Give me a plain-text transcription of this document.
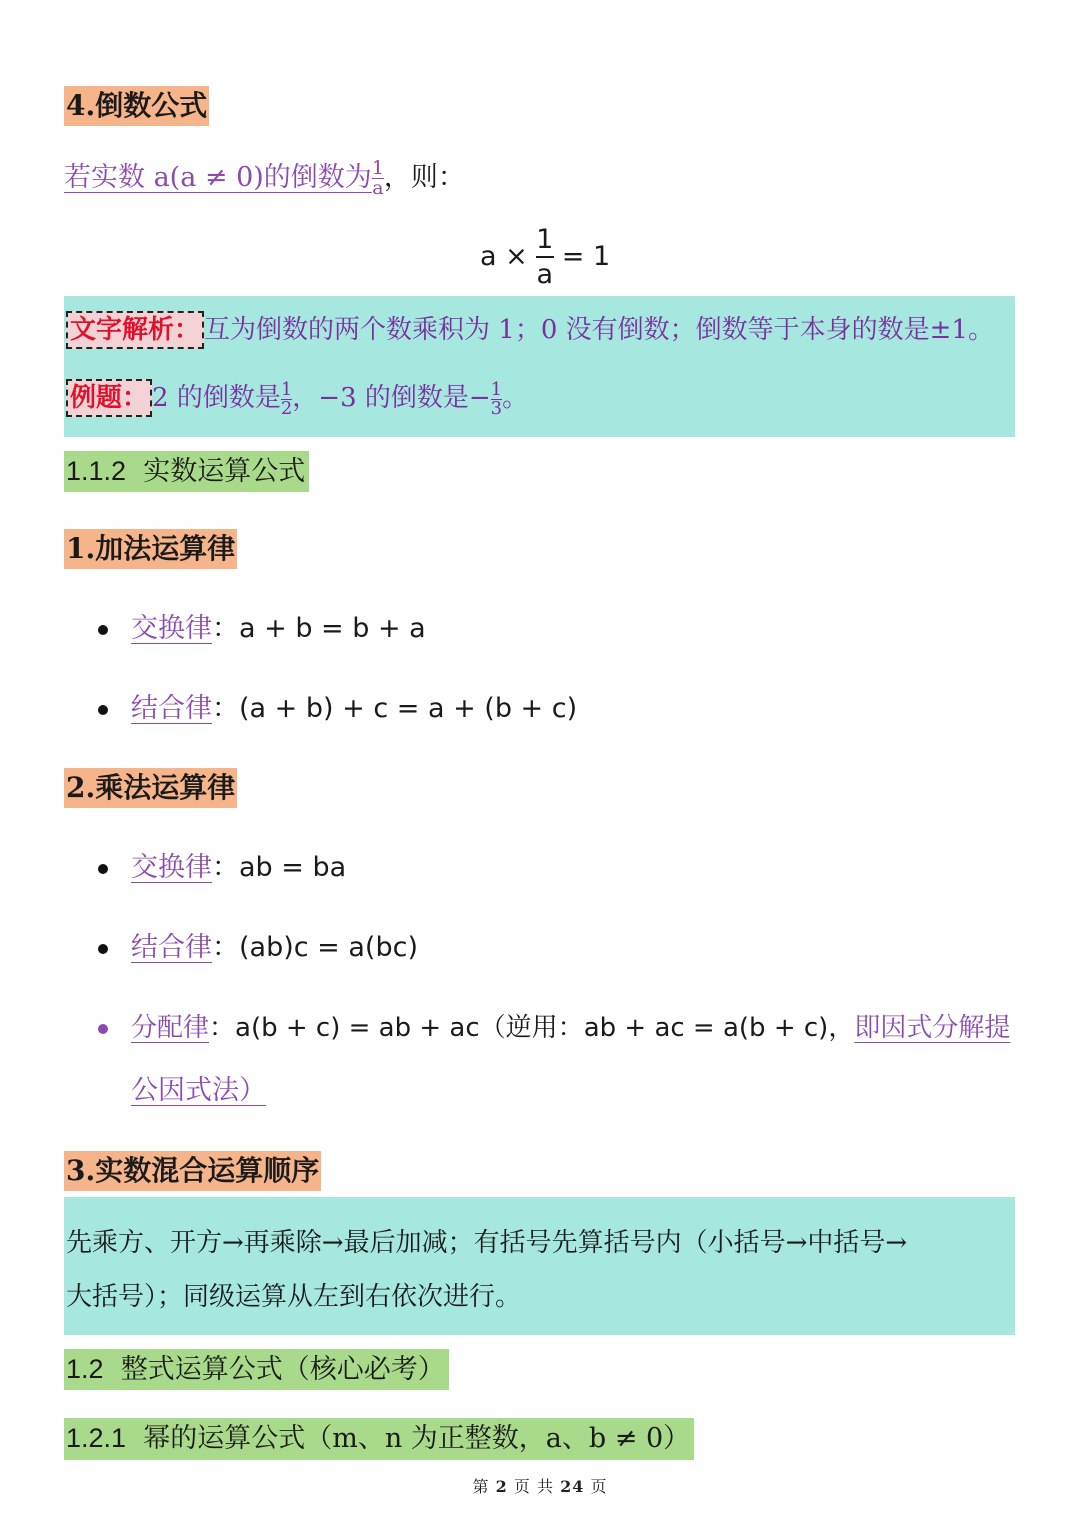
4.倒数公式
若实数 a(a ≠ 0)的倒数为 $\frac{1}{a}$ ，则：
$a \times \frac{1}{a} = 1$
文字解析： 互为倒数的两个数乘积为 1；0 没有倒数；倒数等于本身的数是±1。
例题： 2 的倒数是 $\frac{1}{2}$ ，−3 的倒数是− $\frac{1}{3}$ 。
1.1.2 实数运算公式
1.加法运算律
交换律：a + b = b + a
结合律：(a + b) + c = a + (b + c)
2.乘法运算律
交换律：ab = ba
结合律：(ab)c = a(bc)
分配律：a(b + c) = ab + ac（逆用：ab + ac = a(b + c)，即因式分解提
公因式法）
3.实数混合运算顺序
先乘方、开方→再乘除→最后加减；有括号先算括号内（小括号→中括号→
大括号）；同级运算从左到右依次进行。
1.2 整式运算公式（核心必考）
1.2.1 幂的运算公式（m、n 为正整数，a、b ≠ 0）
第 2 页 共 24 页
